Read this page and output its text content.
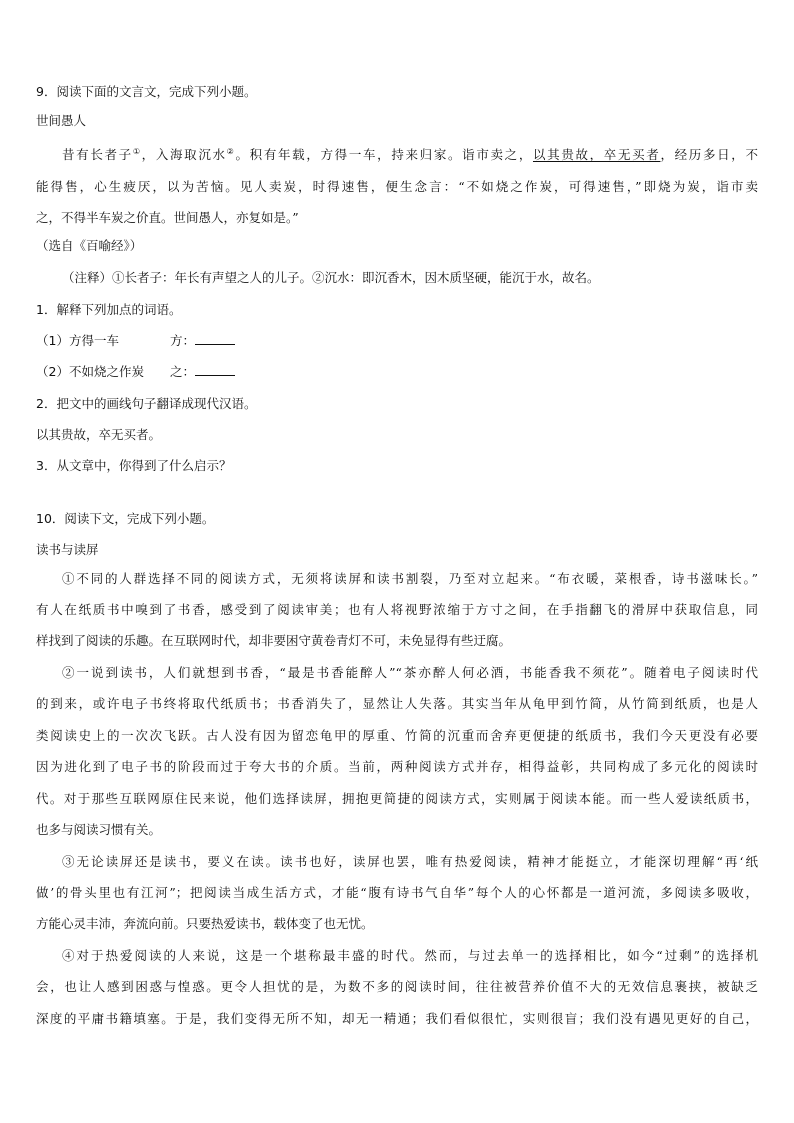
9．阅读下面的文言文，完成下列小题。
世间愚人
昔有长者子①，入海取沉水②。积有年载，方得一车，持来归家。诣市卖之，以其贵故，卒无买者，经历多日，不
能得售，心生疲厌，以为苦恼。见人卖炭，时得速售，便生念言：“不如烧之作炭，可得速售，”即烧为炭，诣市卖
之，不得半车炭之价直。世间愚人，亦复如是。”
（选自《百喻经》）
（注释）①长者子：年长有声望之人的儿子。②沉水：即沉香木，因木质坚硬，能沉于水，故名。
1．解释下列加点的词语。
（1）方得一车	方：
（2）不如烧之作炭 之：
2．把文中的画线句子翻译成现代汉语。
以其贵故，卒无买者。
3．从文章中，你得到了什么启示？
10．阅读下文，完成下列小题。
读书与读屏
①不同的人群选择不同的阅读方式，无须将读屏和读书割裂，乃至对立起来。“布衣暖，菜根香，诗书滋味长。”
有人在纸质书中嗅到了书香，感受到了阅读审美；也有人将视野浓缩于方寸之间，在手指翻飞的滑屏中获取信息，同
样找到了阅读的乐趣。在互联网时代，却非要困守黄卷青灯不可，未免显得有些迂腐。
②一说到读书，人们就想到书香，“最是书香能醉人”“茶亦醉人何必酒，书能香我不须花”。随着电子阅读时代
的到来，或许电子书终将取代纸质书；书香消失了，显然让人失落。其实当年从龟甲到竹简，从竹简到纸质，也是人
类阅读史上的一次次飞跃。古人没有因为留恋龟甲的厚重、竹简的沉重而舍弃更便捷的纸质书，我们今天更没有必要
因为进化到了电子书的阶段而过于夸大书的介质。当前，两种阅读方式并存，相得益彰，共同构成了多元化的阅读时
代。对于那些互联网原住民来说，他们选择读屏，拥抱更简捷的阅读方式，实则属于阅读本能。而一些人爱读纸质书，
也多与阅读习惯有关。
③无论读屏还是读书，要义在读。读书也好，读屏也罢，唯有热爱阅读，精神才能挺立，才能深切理解“再‘纸
做’的骨头里也有江河”；把阅读当成生活方式，才能“腹有诗书气自华”每个人的心怀都是一道河流，多阅读多吸收，
方能心灵丰沛，奔流向前。只要热爱读书，载体变了也无忧。
④对于热爱阅读的人来说，这是一个堪称最丰盛的时代。然而，与过去单一的选择相比，如今“过剩”的选择机
会，也让人感到困惑与惶惑。更令人担忧的是，为数不多的阅读时间，往往被营养价值不大的无效信息裹挟，被缺乏
深度的平庸书籍填塞。于是，我们变得无所不知，却无一精通；我们看似很忙，实则很盲；我们没有遇见更好的自己，
